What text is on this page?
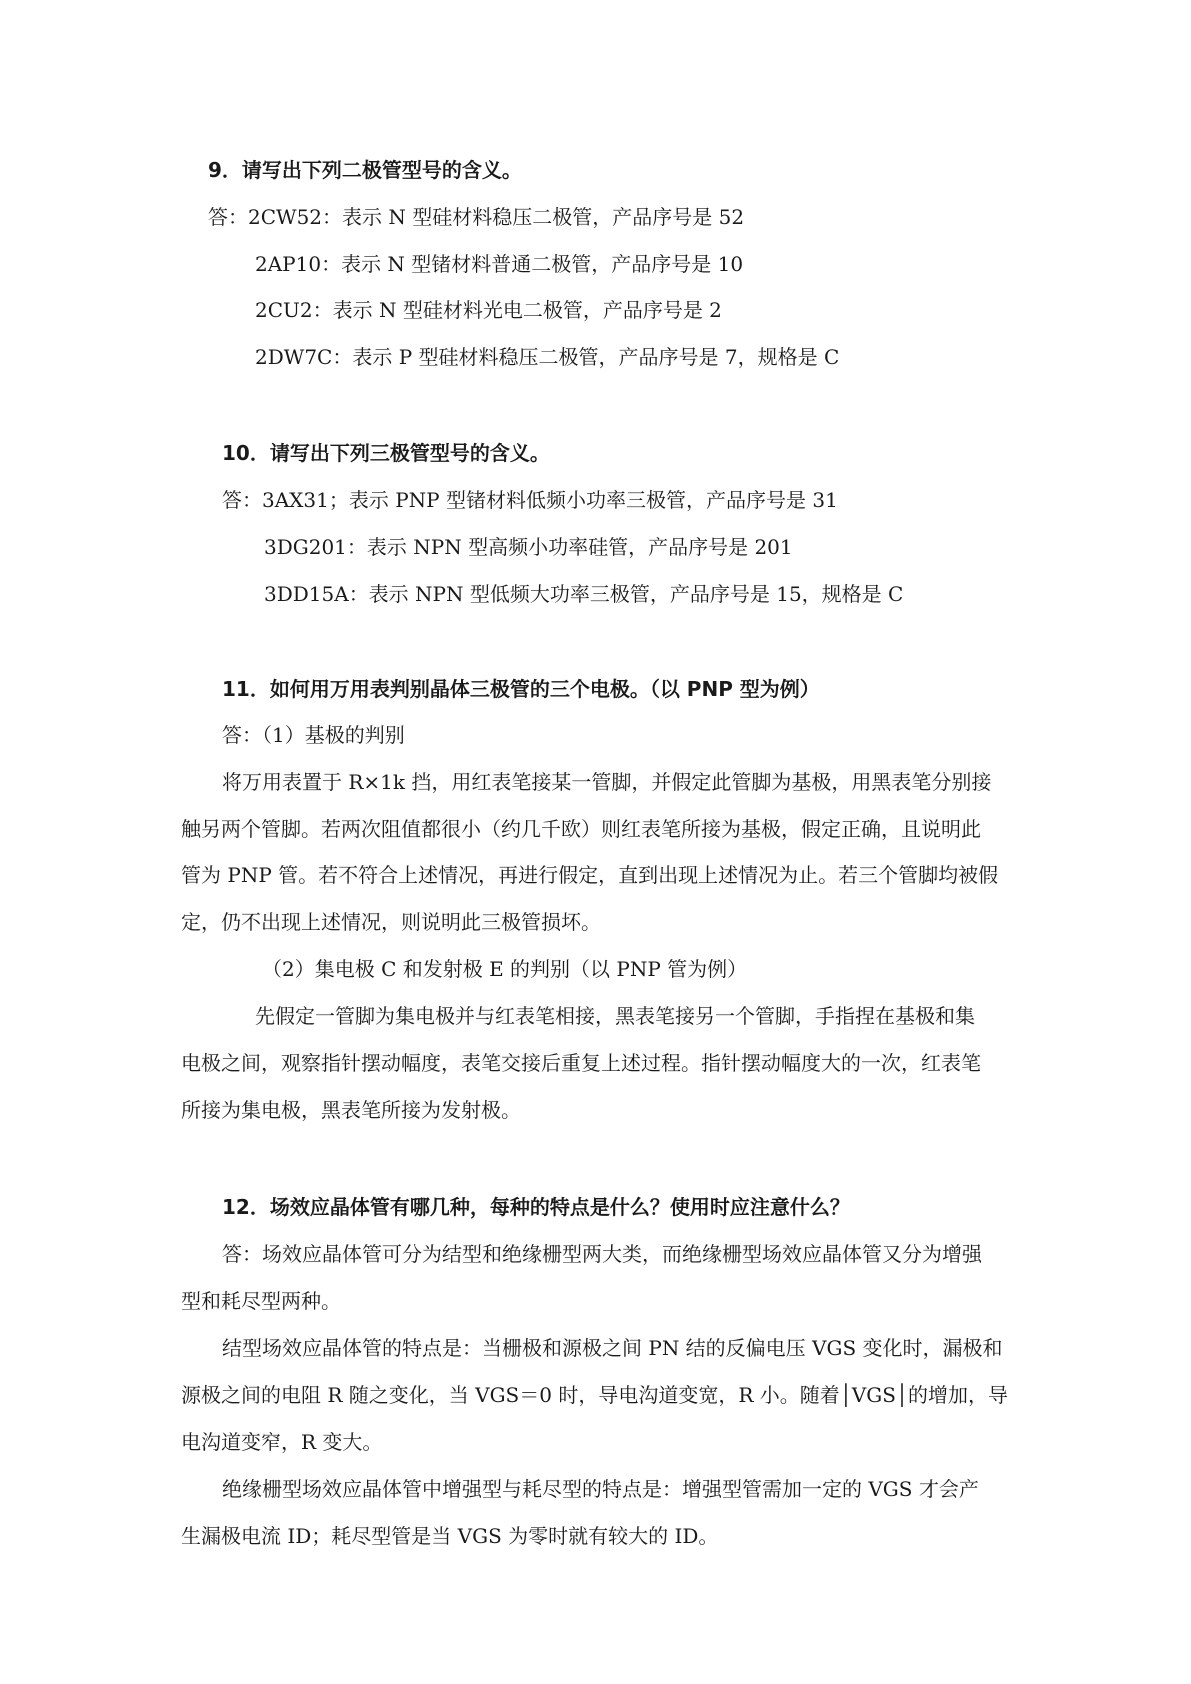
9．请写出下列二极管型号的含义。

答：2CW52：表示 N 型硅材料稳压二极管，产品序号是 52

2AP10：表示 N 型锗材料普通二极管，产品序号是 10

2CU2：表示 N 型硅材料光电二极管，产品序号是 2

2DW7C：表示 P 型硅材料稳压二极管，产品序号是 7，规格是 C

10．请写出下列三极管型号的含义。

答：3AX31；表示 PNP 型锗材料低频小功率三极管，产品序号是 31

3DG201：表示 NPN 型高频小功率硅管，产品序号是 201

3DD15A：表示 NPN 型低频大功率三极管，产品序号是 15，规格是 C

11．如何用万用表判别晶体三极管的三个电极。（以 PNP 型为例）

答：（1）基极的判别

将万用表置于 R×1k 挡，用红表笔接某一管脚，并假定此管脚为基极，用黑表笔分别接

触另两个管脚。若两次阻值都很小（约几千欧）则红表笔所接为基极，假定正确，且说明此

管为 PNP 管。若不符合上述情况，再进行假定，直到出现上述情况为止。若三个管脚均被假

定，仍不出现上述情况，则说明此三极管损坏。

（2）集电极 C 和发射极 E 的判别（以 PNP 管为例）

先假定一管脚为集电极并与红表笔相接，黑表笔接另一个管脚，手指捏在基极和集

电极之间，观察指针摆动幅度，表笔交接后重复上述过程。指针摆动幅度大的一次，红表笔

所接为集电极，黑表笔所接为发射极。

12．场效应晶体管有哪几种，每种的特点是什么？使用时应注意什么？

答：场效应晶体管可分为结型和绝缘栅型两大类，而绝缘栅型场效应晶体管又分为增强

型和耗尽型两种。

结型场效应晶体管的特点是：当栅极和源极之间 PN 结的反偏电压 VGS 变化时，漏极和

源极之间的电阻 R 随之变化，当 VGS＝0 时，导电沟道变宽，R 小。随着│VGS│的增加，导

电沟道变窄，R 变大。

绝缘栅型场效应晶体管中增强型与耗尽型的特点是：增强型管需加一定的 VGS 才会产

生漏极电流 ID；耗尽型管是当 VGS 为零时就有较大的 ID。
